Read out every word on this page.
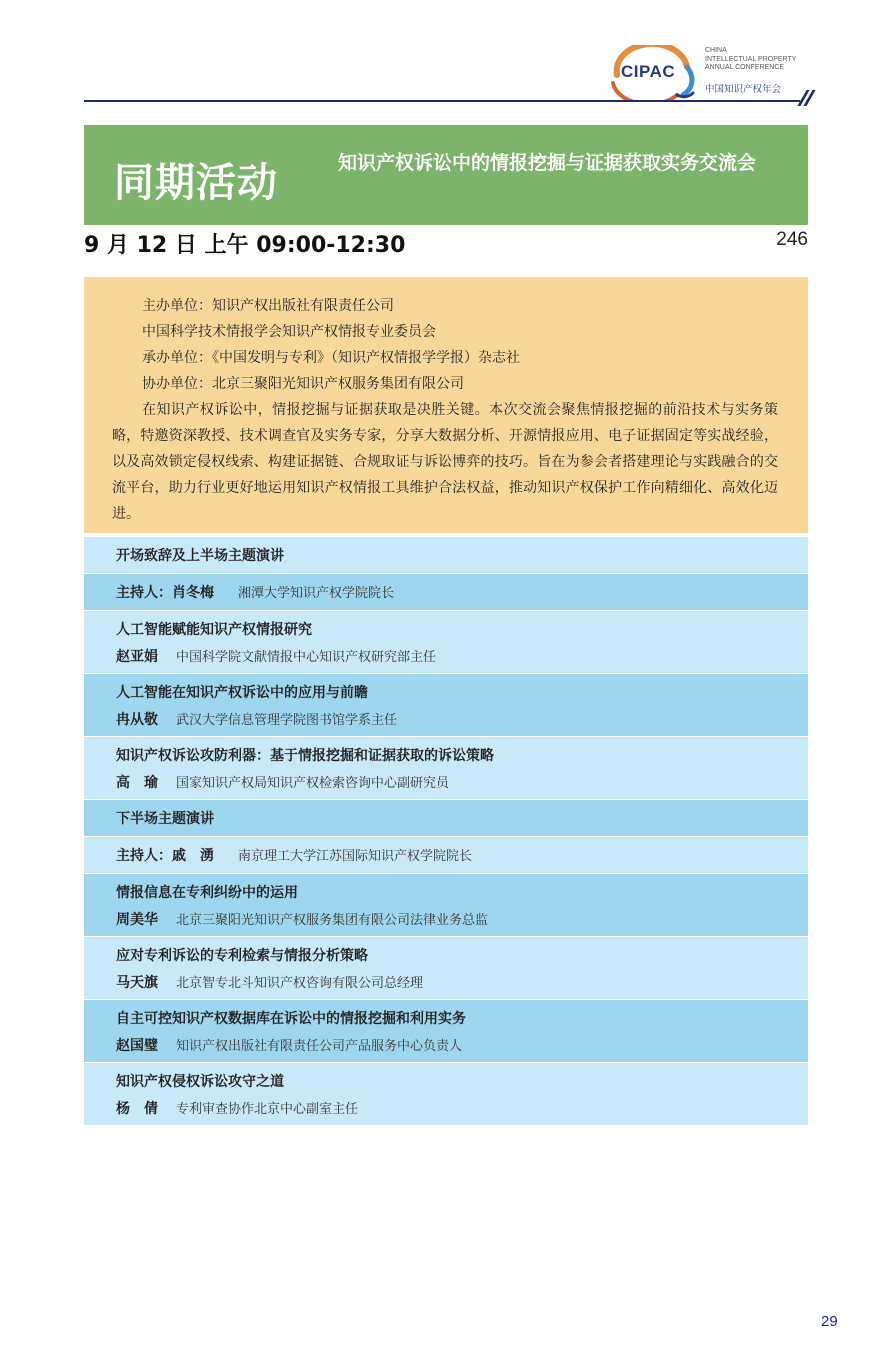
CIPAC
CHINA
INTELLECTUAL PROPERTY
ANNUAL CONFERENCE
中国知识产权年会
同期活动	知识产权诉讼中的情报挖掘与证据获取实务交流会
9 月 12 日 上午 09:00-12:30	246
主办单位：知识产权出版社有限责任公司
中国科学技术情报学会知识产权情报专业委员会
承办单位：《中国发明与专利》（知识产权情报学学报）杂志社
协办单位：北京三聚阳光知识产权服务集团有限公司
在知识产权诉讼中，情报挖掘与证据获取是决胜关键。本次交流会聚焦情报挖掘的前沿技术与实务策略，特邀资深教授、技术调查官及实务专家，分享大数据分析、开源情报应用、电子证据固定等实战经验，以及高效锁定侵权线索、构建证据链、合规取证与诉讼博弈的技巧。旨在为参会者搭建理论与实践融合的交流平台，助力行业更好地运用知识产权情报工具维护合法权益，推动知识产权保护工作向精细化、高效化迈进。
开场致辞及上半场主题演讲
主持人： 肖冬梅	湘潭大学知识产权学院院长
人工智能赋能知识产权情报研究
赵亚娟	中国科学院文献情报中心知识产权研究部主任
人工智能在知识产权诉讼中的应用与前瞻
冉从敬	武汉大学信息管理学院图书馆学系主任
知识产权诉讼攻防利器：基于情报挖掘和证据获取的诉讼策略
高　瑜	国家知识产权局知识产权检索咨询中心副研究员
下半场主题演讲
主持人： 戚　湧	南京理工大学江苏国际知识产权学院院长
情报信息在专利纠纷中的运用
周美华	北京三聚阳光知识产权服务集团有限公司法律业务总监
应对专利诉讼的专利检索与情报分析策略
马天旗	北京智专北斗知识产权咨询有限公司总经理
自主可控知识产权数据库在诉讼中的情报挖掘和利用实务
赵国璧	知识产权出版社有限责任公司产品服务中心负责人
知识产权侵权诉讼攻守之道
杨　倩	专利审查协作北京中心副室主任
29
